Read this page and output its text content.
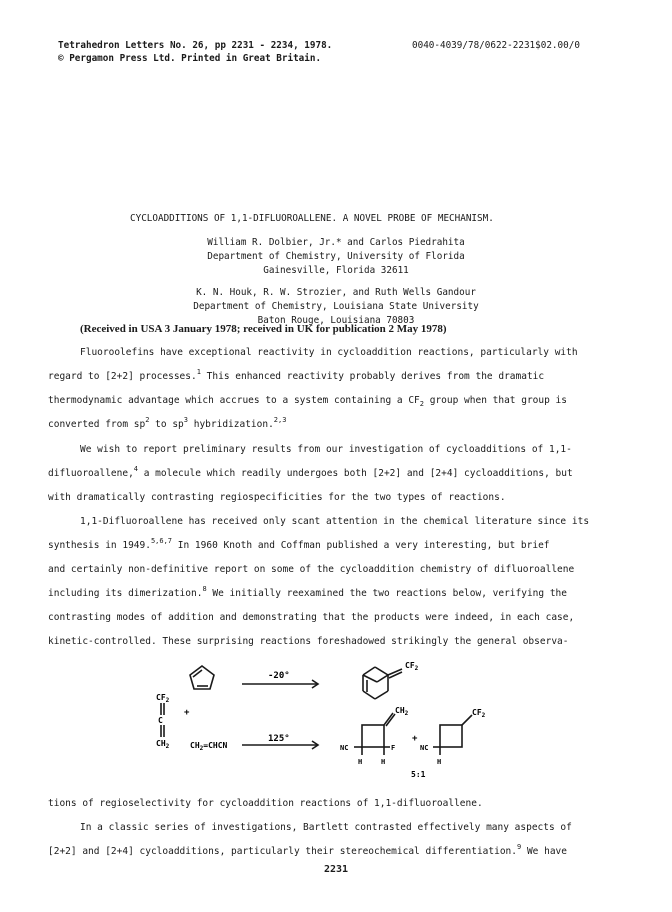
Tetrahedron Letters No. 26, pp 2231 - 2234, 1978.
© Pergamon Press Ltd. Printed in Great Britain.
0040-4039/78/0622-2231$02.00/0
CYCLOADDITIONS OF 1,1-DIFLUOROALLENE. A NOVEL PROBE OF MECHANISM.
William R. Dolbier, Jr.* and Carlos Piedrahita
Department of Chemistry, University of Florida
Gainesville, Florida 32611
K. N. Houk, R. W. Strozier, and Ruth Wells Gandour
Department of Chemistry, Louisiana State University
Baton Rouge, Louisiana 70803
(Received in USA 3 January 1978; received in UK for publication 2 May 1978)
Fluoroolefins have exceptional reactivity in cycloaddition reactions, particularly with
regard to [2+2] processes.$^1$ This enhanced reactivity probably derives from the dramatic
thermodynamic advantage which accrues to a system containing a $CF_2$ group when that group is
converted from $sp^2$ to $sp^3$ hybridization.$^{2,3}$
We wish to report preliminary results from our investigation of cycloadditions of 1,1-
difluoroallene,$^4$ a molecule which readily undergoes both [2+2] and [2+4] cycloadditions, but
with dramatically contrasting regiospecificities for the two types of reactions.
1,1-Difluoroallene has received only scant attention in the chemical literature since its
synthesis in 1949.$^{5,6,7}$ In 1960 Knoth and Coffman published a very interesting, but brief
and certainly non-definitive report on some of the cycloaddition chemistry of difluoroallene
including its dimerization.$^8$ We initially reexamined the two reactions below, verifying the
contrasting modes of addition and demonstrating that the products were indeed, in each case,
kinetic-controlled. These surprising reactions foreshadowed strikingly the general observa-
-20°
125°
$CF_2$
$CF_2$
C
$CH_2$
+
$CH_2=CHCN$
$CH_2$
NC	F
H	H
+
$CF_2$
NC
H
5:1
tions of regioselectivity for cycloaddition reactions of 1,1-difluoroallene.
In a classic series of investigations, Bartlett contrasted effectively many aspects of
[2+2] and [2+4] cycloadditions, particularly their stereochemical differentiation.$^9$ We have
2231
